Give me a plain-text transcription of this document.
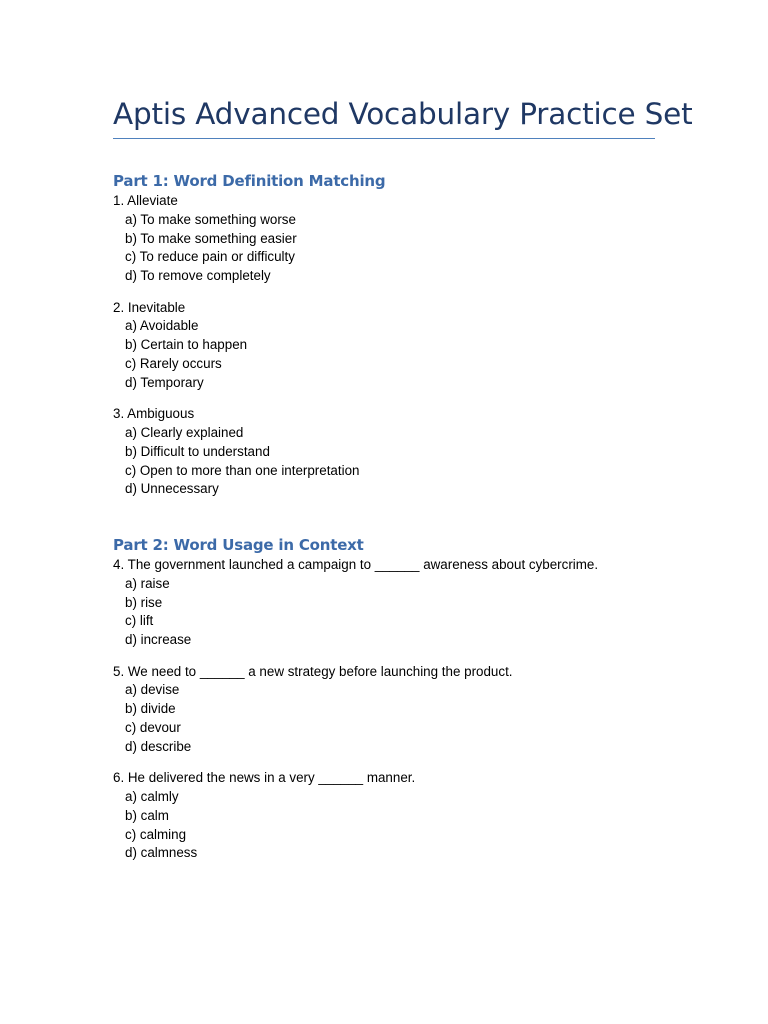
Aptis Advanced Vocabulary Practice Set
Part 1: Word Definition Matching
1. Alleviate
a) To make something worse
b) To make something easier
c) To reduce pain or difficulty
d) To remove completely
2. Inevitable
a) Avoidable
b) Certain to happen
c) Rarely occurs
d) Temporary
3. Ambiguous
a) Clearly explained
b) Difficult to understand
c) Open to more than one interpretation
d) Unnecessary
Part 2: Word Usage in Context
4. The government launched a campaign to ______ awareness about cybercrime.
a) raise
b) rise
c) lift
d) increase
5. We need to ______ a new strategy before launching the product.
a) devise
b) divide
c) devour
d) describe
6. He delivered the news in a very ______ manner.
a) calmly
b) calm
c) calming
d) calmness
